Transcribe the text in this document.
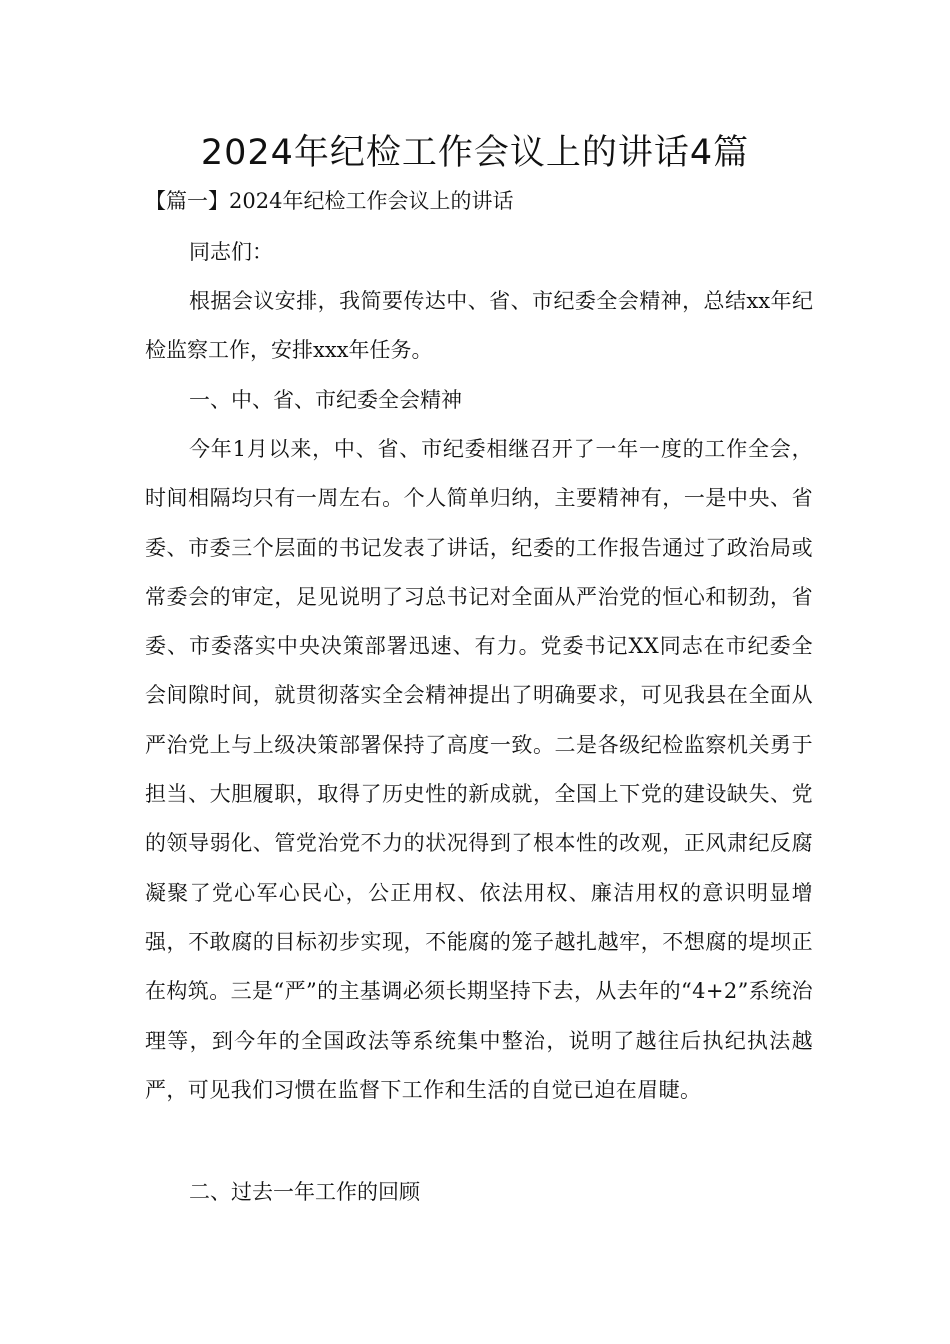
2024年纪检工作会议上的讲话4篇

【篇一】2024年纪检工作会议上的讲话

同志们：

根据会议安排，我简要传达中、省、市纪委全会精神，总结xx年纪检监察工作，安排xxx年任务。

一、中、省、市纪委全会精神

今年1月以来，中、省、市纪委相继召开了一年一度的工作全会，时间相隔均只有一周左右。个人简单归纳，主要精神有，一是中央、省委、市委三个层面的书记发表了讲话，纪委的工作报告通过了政治局或常委会的审定，足见说明了习总书记对全面从严治党的恒心和韧劲，省委、市委落实中央决策部署迅速、有力。党委书记XX同志在市纪委全会间隙时间，就贯彻落实全会精神提出了明确要求，可见我县在全面从严治党上与上级决策部署保持了高度一致。二是各级纪检监察机关勇于担当、大胆履职，取得了历史性的新成就，全国上下党的建设缺失、党的领导弱化、管党治党不力的状况得到了根本性的改观，正风肃纪反腐凝聚了党心军心民心，公正用权、依法用权、廉洁用权的意识明显增强，不敢腐的目标初步实现，不能腐的笼子越扎越牢，不想腐的堤坝正在构筑。三是“严”的主基调必须长期坚持下去，从去年的“4+2”系统治理等，到今年的全国政法等系统集中整治，说明了越往后执纪执法越严，可见我们习惯在监督下工作和生活的自觉已迫在眉睫。

二、过去一年工作的回顾
